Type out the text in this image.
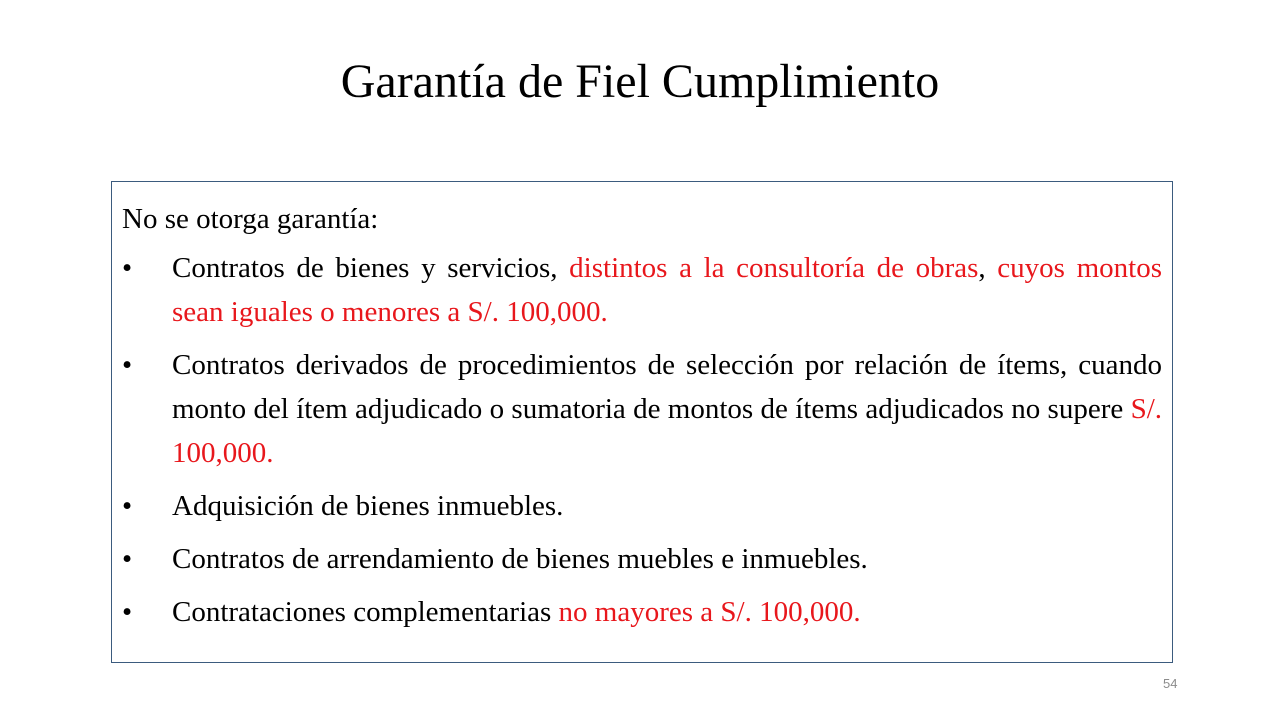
Garantía de Fiel Cumplimiento

No se otorga garantía:

•	Contratos de bienes y servicios, distintos a la consultoría de obras, cuyos montos sean iguales o menores a S/. 100,000.
•	Contratos derivados de procedimientos de selección por relación de ítems, cuando monto del ítem adjudicado o sumatoria de montos de ítems adjudicados no supere S/. 100,000.
•	Adquisición de bienes inmuebles.
•	Contratos de arrendamiento de bienes muebles e inmuebles.
•	Contrataciones complementarias no mayores a S/. 100,000.
54
